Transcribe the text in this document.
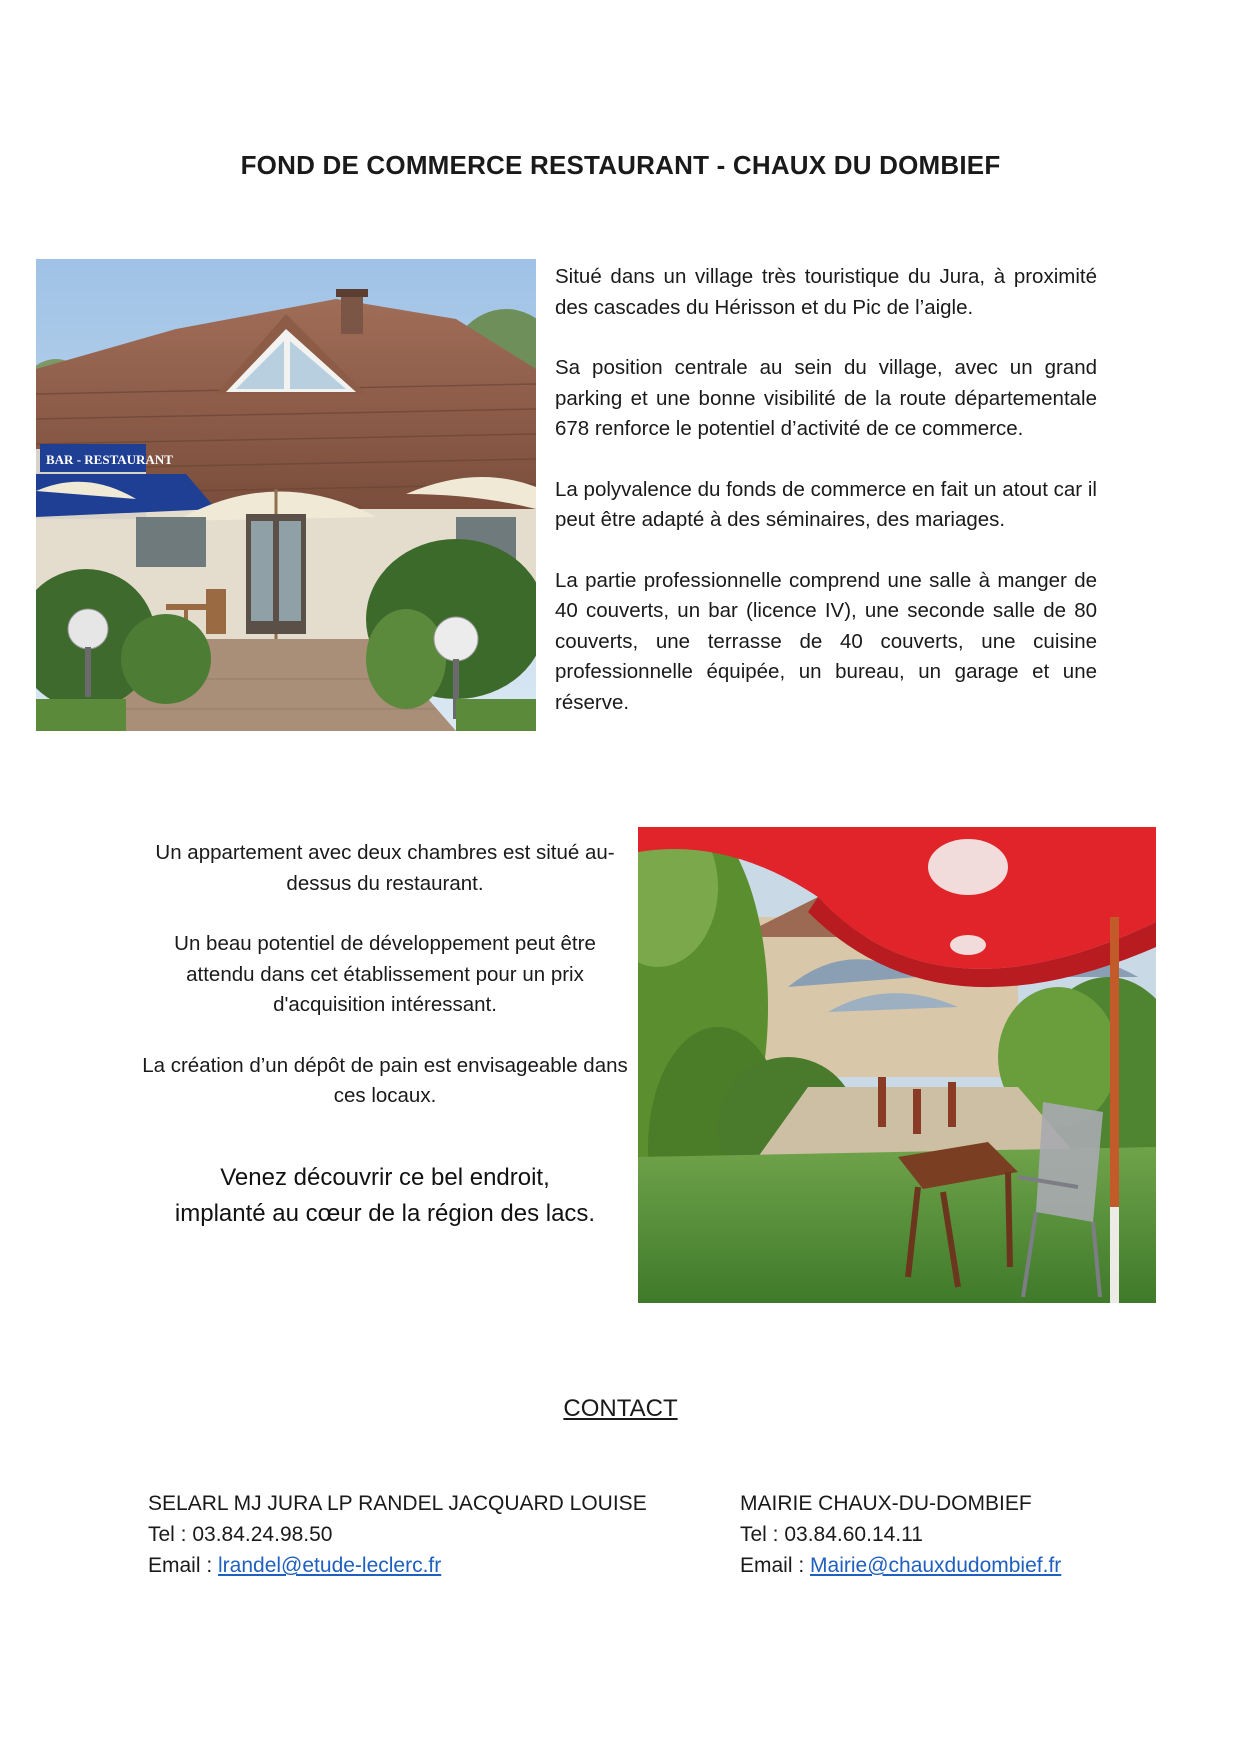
FOND DE COMMERCE RESTAURANT - CHAUX DU DOMBIEF
BAR - RESTAURANT

Situé dans un village très touristique du Jura, à proximité des cascades du Hérisson et du Pic de l’aigle.

Sa position centrale au sein du village, avec un grand parking et une bonne visibilité de la route départementale 678 renforce le potentiel d’activité de ce commerce.

La polyvalence du fonds de commerce en fait un atout car il peut être adapté à des séminaires, des mariages.

La partie professionnelle comprend une salle à manger de 40 couverts, un bar (licence IV), une seconde salle de 80 couverts, une terrasse de 40 couverts, une cuisine professionnelle équipée, un bureau, un garage et une réserve.

Un appartement avec deux chambres est situé au-dessus du restaurant.

Un beau potentiel de développement peut être attendu dans cet établissement pour un prix d'acquisition intéressant.

La création d’un dépôt de pain est envisageable dans ces locaux.

Venez découvrir ce bel endroit,
implanté au cœur de la région des lacs.
CONTACT
SELARL MJ JURA LP RANDEL JACQUARD LOUISE
Tel : 03.84.24.98.50
Email : lrandel@etude-leclerc.fr
MAIRIE CHAUX-DU-DOMBIEF
Tel : 03.84.60.14.11
Email : Mairie@chauxdudombief.fr
